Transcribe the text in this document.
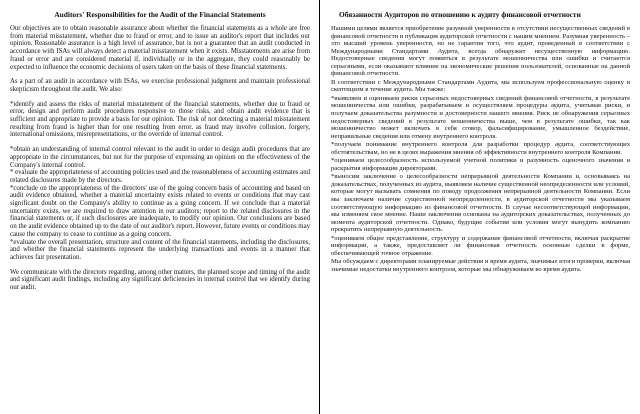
Auditors' Responsibilities for the Audit of the Financial Statements

Our objectives are to obtain reasonable assurance about whether the financial statements as a whole are free from material misstatement, whether due to fraud or error, and to issue an auditor's report that includes our opinion. Reasonable assurance is a high level of assurance, but is not a guarantee that an audit conducted in accordance with ISAs will always detect a material misstatement when it exists. Misstatements are arise from fraud or error and are considered material if, individually or in the aggregate, they could reasonably be expected to influence the economic decisions of users taken on the basis of these financial statements.

As a part of an audit in accordance with ISAs, we exercise professional judgment and maintain professional skepticism throughout the audit. We also:

*identify and assess the risks of material misstatement of the financial statements, whether due to fraud or error, design and perform audit procedures responsive to those risks, and obtain audit evidence that is sufficient and appropriate to provide a basis for our opinion. The risk of not detecting a material misstatement resulting from fraud is higher than for one resulting from error, as fraud may involve collusion, forgery, international omissions, misrepresentations, or the override of internal control.

*obtain an understanding of internal control relevant to the audit in order to design audit procedures that are appropriate in the circumstances, but not for the purpose of expressing an opinion on the effectiveness of the Company's internal control.
* evaluate the appropriateness of accounting policies used and the reasonableness of accounting estimates and related disclosures made by the directors.
*conclude on the appropriateness of the directors' use of the going concern basis of accounting and based on audit evidence obtained, whether a material uncertainty exists related to events or conditions that may cast significant doubt on the Company's ability to continue as a going concern. If we conclude that a material uncertainty exists, we are required to draw attention in our auditors; report to the related disclosures in the financial statements or, if such disclosures are inadequate, to modify our opinion. Our conclusions are based on the audit evidence obtained up to the date of our auditor's report. However, future events or conditions may cause the company to cease to continue as a going concern.
*evaluate the overall presentation, structure and content of the financial statements, including the disclosures, and whether the financial statements represent the underlying transactions and events in a manner that achieves fair presentation.

We communicate with the directors regarding, among other matters, the planned scope and timing of the audit and significant audit findings, including any significant deficiencies in internal control that we identify during our audit.

Обязанности Аудиторов по отношению к аудиту финансовой отчетности

Нашими целями является приобретение разумной уверенности в отсутствии несущественных сведений в финансовой отчетности и публикация аудиторской отчетности с нашим мнением. Разумная уверенность – это высший уровень уверенности, но не гарантия того, что аудит, проведенный в соответствии с Международными Стандартами Аудита, всегда обнаружит несущественную информацию. Недостоверные сведения могут появиться в результате мошенничества или ошибки и считаются серьезными, если оказывают влияние на экономические решения пользователей, основанные на данной финансовой отчетности.

В соответствии с Международными Стандартами Аудита, мы используем профессиональную оценку и скептицизм в течение аудита. Мы также:

*выявляем и оцениваем риски серьезных недостоверных сведений финансовой отчетности, в результате мошенничества или ошибки, разрабатываем и осуществляем процедуры аудита, учитывая риски, и получаем доказательства разумности и достоверности нашего мнения. Риск не обнаружения серьезных недостоверных сведений в результате мошенничества выше, чем в результате ошибки, так как мошенничество может включать в себя сговор, фальсифицирование, умышленное бездействие, неправильные сведения или отмену внутреннего контроля.

*получаем понимание внутреннего контроля для разработки процедур аудита, соответствующих обстоятельствам, но не в целях выражения мнения об эффективности внутреннего контроля Компании.

*оцениваем целесообразность используемой учетной политики и разумность оценочного значения и раскрытия информации директорами.

*выносим заключение о целесообразности непрерывной деятельности Компании и, основываясь на доказательствах, полученных из аудита, выявляем наличие существенной неопределенности или условий, которые могут вызывать сомнения по поводу продолжения непрерывной деятельности Компании. Если мы заключаем наличие существенной неопределенности, в аудиторской отчетности мы указываем соответствующую информацию из финансовой отчетности. В случае несоответствующей информации, мы изменяем свое мнение. Наши заключения основаны на аудиторских доказательствах, полученных до момента аудиторской отчетности. Однако, будущие события или условия могут вынудить компанию прекратить непрерывную деятельность.

*оцениваем общее представление, структуру и содержание финансовой отчетности, включая раскрытие информации, а также, предоставляет ли финансовая отчетность основные сделки в форме, обеспечивающей точное отражение.

Мы обсуждаем с директорами планируемые действия и время аудита, значимые итоги проверки, включая значимые недостатки внутреннего контроля, которые мы обнаруживаем во время аудита.
